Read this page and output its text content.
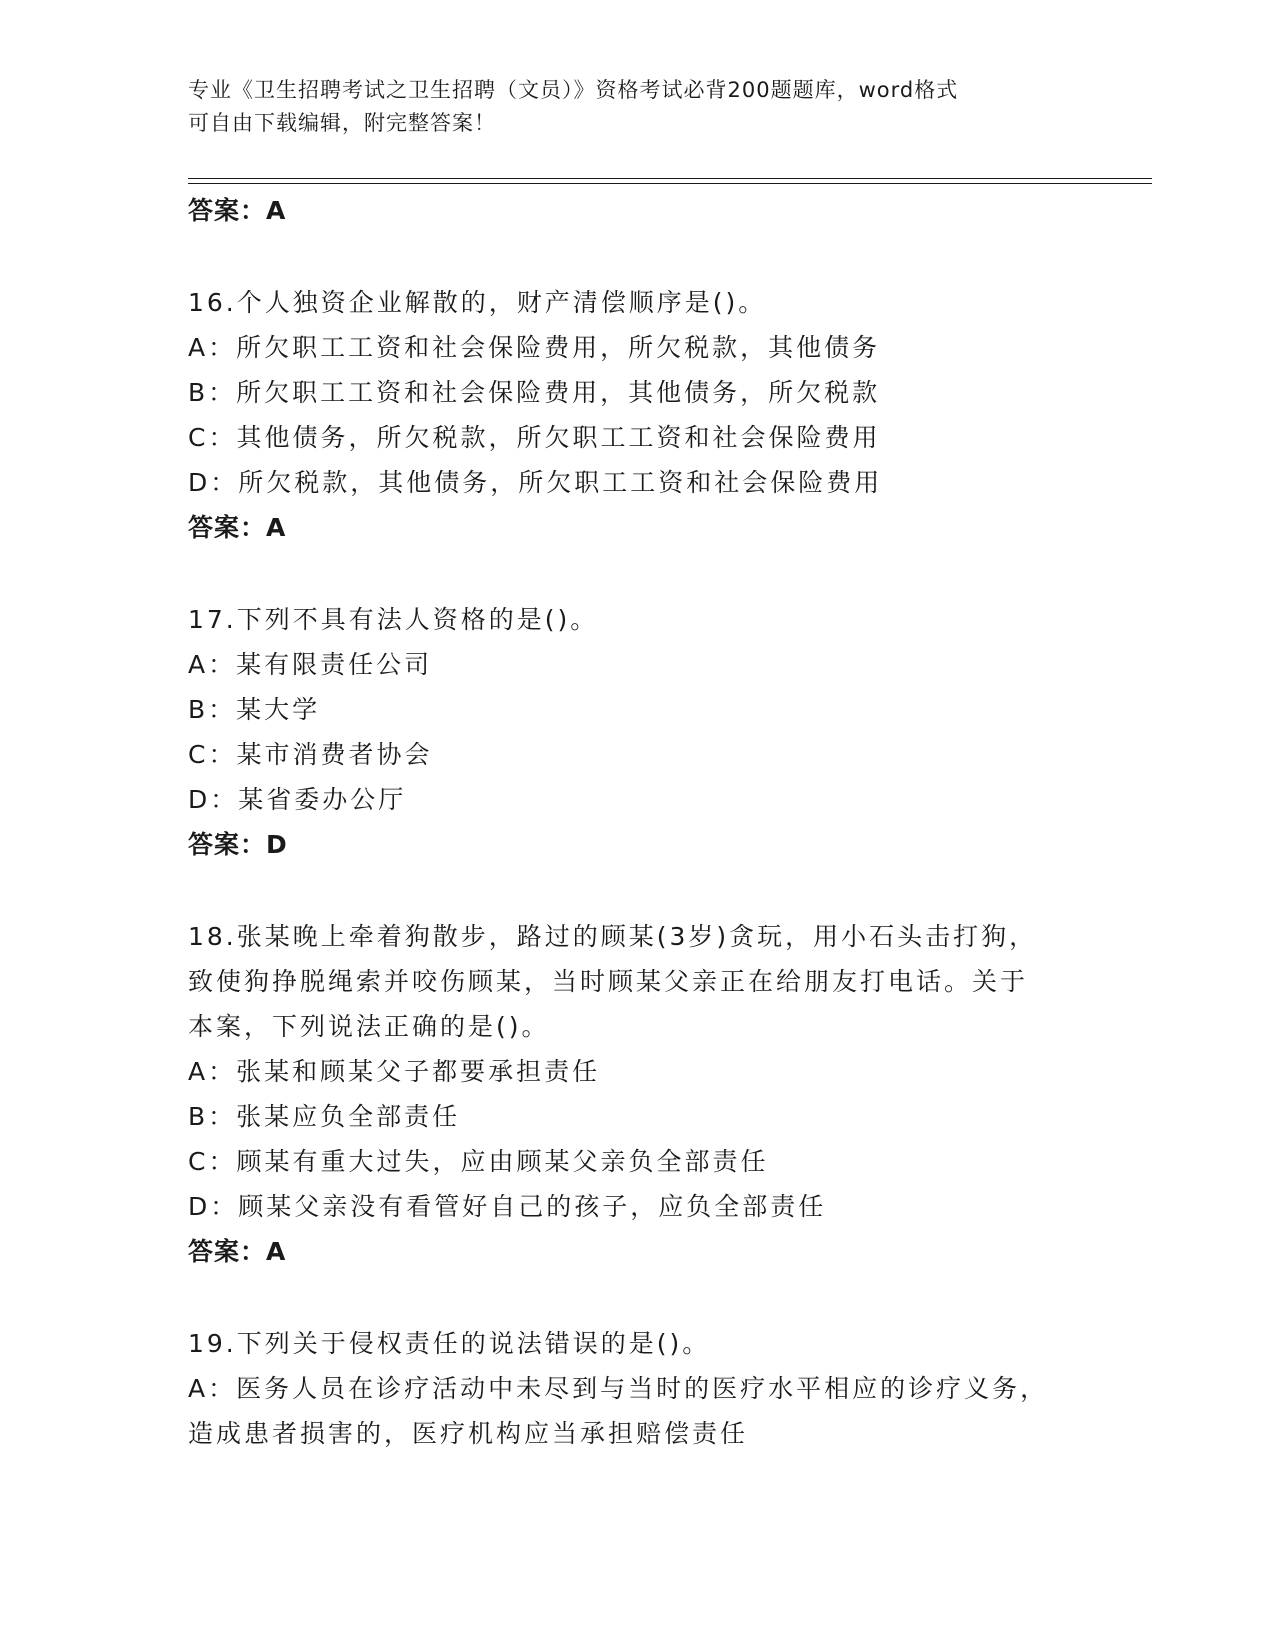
专业《卫生招聘考试之卫生招聘（文员）》资格考试必背200题题库，word格式
可自由下载编辑，附完整答案！
答案：A
16.个人独资企业解散的，财产清偿顺序是()。
A：所欠职工工资和社会保险费用，所欠税款，其他债务
B：所欠职工工资和社会保险费用，其他债务，所欠税款
C：其他债务，所欠税款，所欠职工工资和社会保险费用
D：所欠税款，其他债务，所欠职工工资和社会保险费用
答案：A
17.下列不具有法人资格的是()。
A：某有限责任公司
B：某大学
C：某市消费者协会
D：某省委办公厅
答案：D
18.张某晚上牵着狗散步，路过的顾某(3岁)贪玩，用小石头击打狗，
致使狗挣脱绳索并咬伤顾某，当时顾某父亲正在给朋友打电话。关于
本案，下列说法正确的是()。
A：张某和顾某父子都要承担责任
B：张某应负全部责任
C：顾某有重大过失，应由顾某父亲负全部责任
D：顾某父亲没有看管好自己的孩子，应负全部责任
答案：A
19.下列关于侵权责任的说法错误的是()。
A：医务人员在诊疗活动中未尽到与当时的医疗水平相应的诊疗义务，
造成患者损害的，医疗机构应当承担赔偿责任
